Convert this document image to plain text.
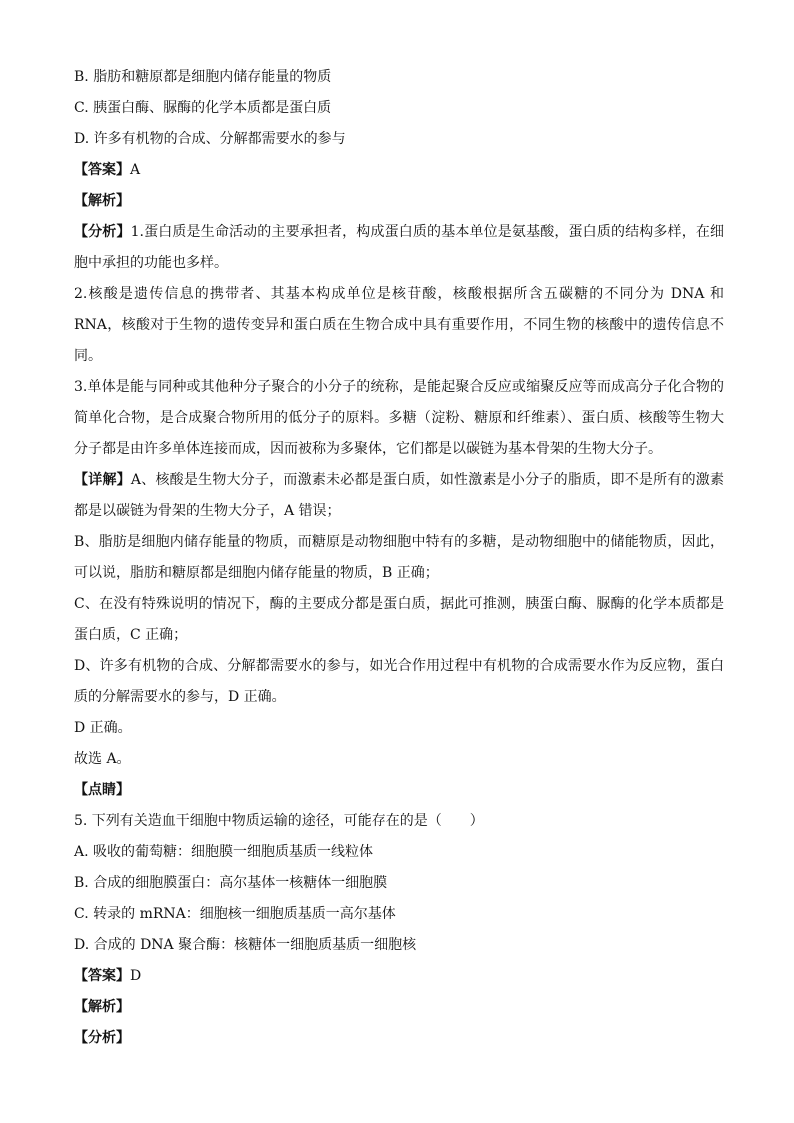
B. 脂肪和糖原都是细胞内储存能量的物质
C. 胰蛋白酶、脲酶的化学本质都是蛋白质
D. 许多有机物的合成、分解都需要水的参与
【答案】A
【解析】
【分析】1.蛋白质是生命活动的主要承担者，构成蛋白质的基本单位是氨基酸，蛋白质的结构多样，在细胞中承担的功能也多样。
2.核酸是遗传信息的携带者、其基本构成单位是核苷酸，核酸根据所含五碳糖的不同分为 DNA 和 RNA，核酸对于生物的遗传变异和蛋白质在生物合成中具有重要作用，不同生物的核酸中的遗传信息不同。
3.单体是能与同种或其他种分子聚合的小分子的统称，是能起聚合反应或缩聚反应等而成高分子化合物的简单化合物，是合成聚合物所用的低分子的原料。多糖（淀粉、糖原和纤维素）、蛋白质、核酸等生物大分子都是由许多单体连接而成，因而被称为多聚体，它们都是以碳链为基本骨架的生物大分子。
【详解】A、核酸是生物大分子，而激素未必都是蛋白质，如性激素是小分子的脂质，即不是所有的激素都是以碳链为骨架的生物大分子，A 错误；
B、脂肪是细胞内储存能量的物质，而糖原是动物细胞中特有的多糖，是动物细胞中的储能物质，因此，可以说，脂肪和糖原都是细胞内储存能量的物质，B 正确；
C、在没有特殊说明的情况下，酶的主要成分都是蛋白质，据此可推测，胰蛋白酶、脲酶的化学本质都是蛋白质，C 正确；
D、许多有机物的合成、分解都需要水的参与，如光合作用过程中有机物的合成需要水作为反应物，蛋白质的分解需要水的参与，D 正确。
D 正确。
故选 A。
【点睛】
5. 下列有关造血干细胞中物质运输的途径，可能存在的是（　　）
A. 吸收的葡萄糖：细胞膜一细胞质基质一线粒体
B. 合成的细胞膜蛋白：高尔基体一核糖体一细胞膜
C. 转录的 mRNA：细胞核一细胞质基质一高尔基体
D. 合成的 DNA 聚合酶：核糖体一细胞质基质一细胞核
【答案】D
【解析】
【分析】
